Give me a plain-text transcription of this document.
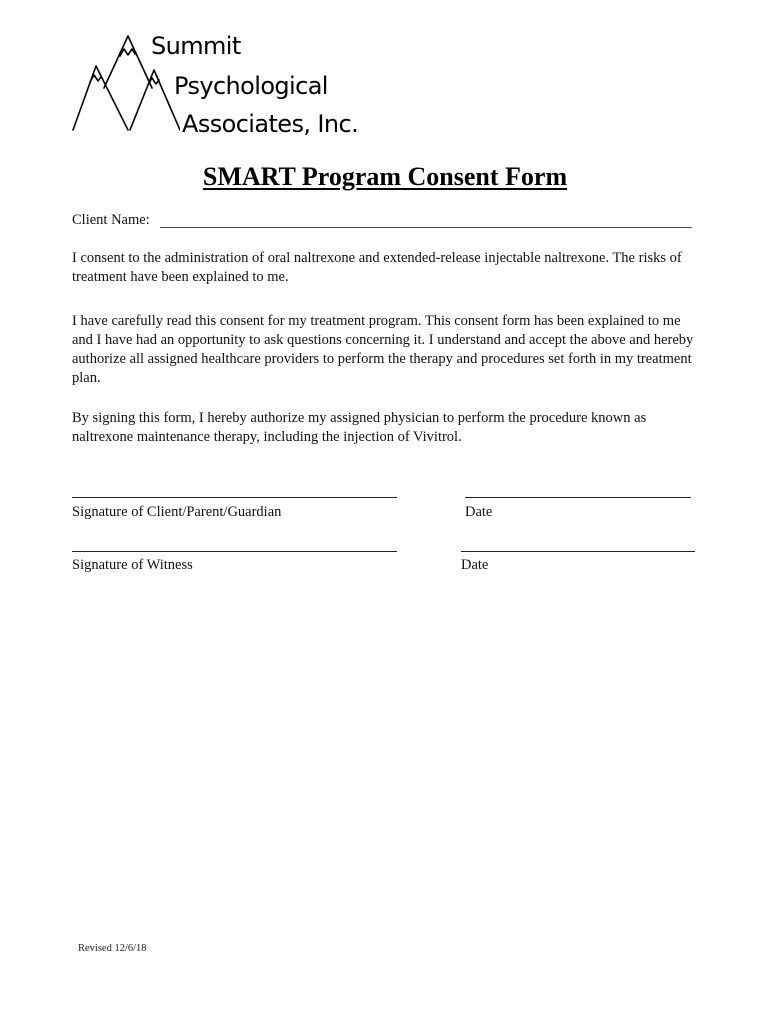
Summit
Psychological
Associates, Inc.
SMART Program Consent Form
Client Name:
I consent to the administration of oral naltrexone and extended-release injectable naltrexone. The risks of treatment have been explained to me.
I have carefully read this consent for my treatment program. This consent form has been explained to me and I have had an opportunity to ask questions concerning it. I understand and accept the above and hereby authorize all assigned healthcare providers to perform the therapy and procedures set forth in my treatment plan.
By signing this form, I hereby authorize my assigned physician to perform the procedure known as naltrexone maintenance therapy, including the injection of Vivitrol.
Signature of Client/Parent/Guardian	Date
Signature of Witness	Date
Revised 12/6/18
